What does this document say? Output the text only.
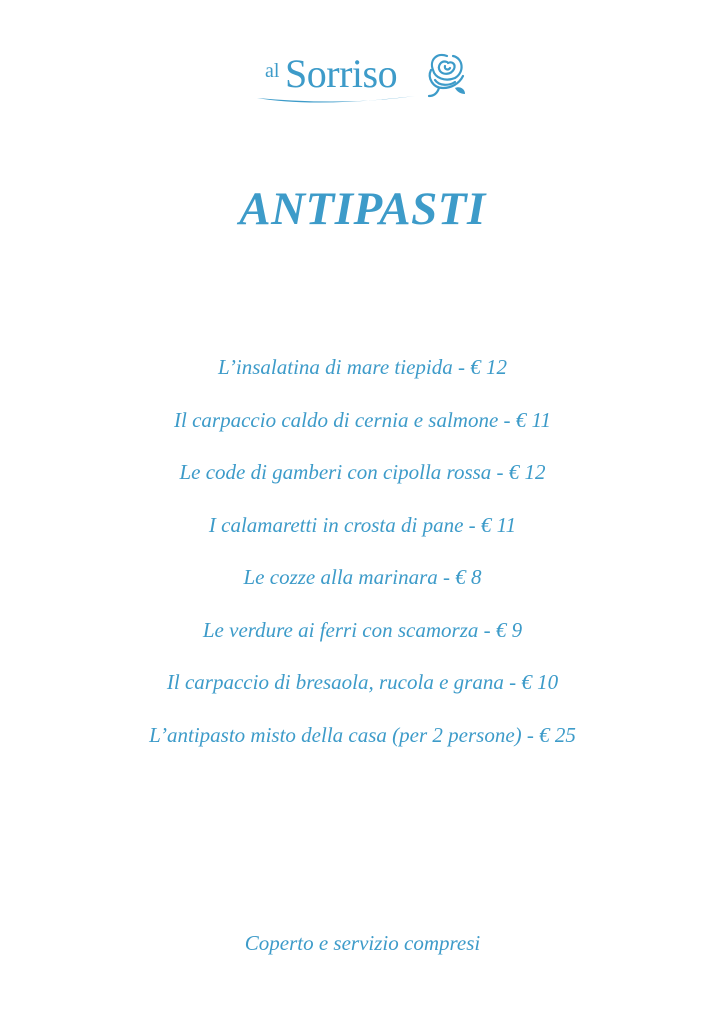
al Sorriso
ANTIPASTI
L’insalatina di mare tiepida - € 12
Il carpaccio caldo di cernia e salmone - € 11
Le code di gamberi con cipolla rossa - € 12
I calamaretti in crosta di pane - € 11
Le cozze alla marinara - € 8
Le verdure ai ferri con scamorza - € 9
Il carpaccio di bresaola, rucola e grana - € 10
L’antipasto misto della casa (per 2 persone) - € 25
Coperto e servizio compresi
